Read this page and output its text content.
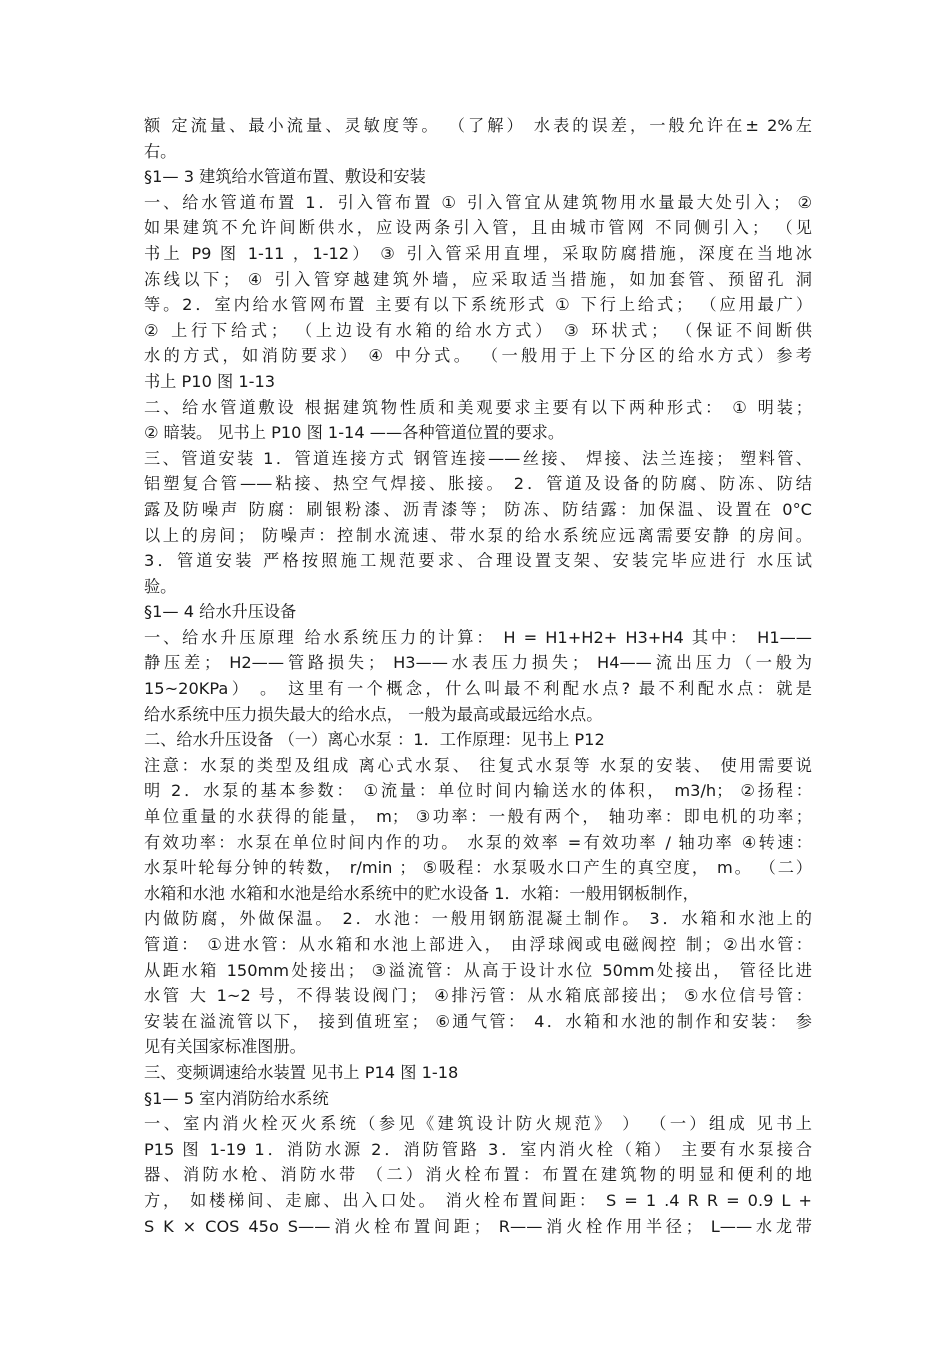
额 定流量、最小流量、灵敏度等。 （了解） 水表的误差，一般允许在± 2%左
右。
§1— 3 建筑给水管道布置、敷设和安装
一、给水管道布置 1．引入管布置 ① 引入管宜从建筑物用水量最大处引入； ②
如果建筑不允许间断供水，应设两条引入管，且由城市管网 不同侧引入； （见
书上 P9 图 1-11 ，1-12） ③ 引入管采用直埋，采取防腐措施，深度在当地冰
冻线以下； ④ 引入管穿越建筑外墙，应采取适当措施，如加套管、预留孔 洞
等。2．室内给水管网布置 主要有以下系统形式 ① 下行上给式； （应用最广）
② 上行下给式； （上边设有水箱的给水方式） ③ 环状式； （保证不间断供
水的方式，如消防要求） ④ 中分式。 （一般用于上下分区的给水方式）参考
书上 P10 图 1-13
二、给水管道敷设 根据建筑物性质和美观要求主要有以下两种形式： ① 明装；
② 暗装。 见书上 P10 图 1-14 ——各种管道位置的要求。
三、管道安装 1．管道连接方式 钢管连接——丝接、 焊接、法兰连接； 塑料管、
铝塑复合管——粘接、热空气焊接、胀接。 2．管道及设备的防腐、防冻、防结
露及防噪声 防腐：刷银粉漆、沥青漆等； 防冻、防结露：加保温、设置在 0°C
以上的房间； 防噪声：控制水流速、带水泵的给水系统应远离需要安静 的房间。
3．管道安装 严格按照施工规范要求、合理设置支架、安装完毕应进行 水压试
验。
§1— 4 给水升压设备
一、给水升压原理 给水系统压力的计算： H = H1+H2+ H3+H4 其中： H1——
静压差； H2——管路损失； H3——水表压力损失； H4——流出压力（一般为
15~20KPa） 。 这里有一个概念，什么叫最不利配水点? 最不利配水点：就是
给水系统中压力损失最大的给水点， 一般为最高或最远给水点。
二、给水升压设备 （一）离心水泵 ：1．工作原理：见书上 P12
注意：水泵的类型及组成 离心式水泵、 往复式水泵等 水泵的安装、 使用需要说
明 2．水泵的基本参数： ①流量：单位时间内输送水的体积， m3/h； ②扬程：
单位重量的水获得的能量， m； ③功率：一般有两个， 轴功率：即电机的功率；
有效功率：水泵在单位时间内作的功。 水泵的效率 =有效功率 / 轴功率 ④转速：
水泵叶轮每分钟的转数， r/min ； ⑤吸程：水泵吸水口产生的真空度， m。 （二）
水箱和水池 水箱和水池是给水系统中的贮水设备 1．水箱：一般用钢板制作，
内做防腐，外做保温。 2．水池：一般用钢筋混凝土制作。 3．水箱和水池上的
管道： ①进水管：从水箱和水池上部进入， 由浮球阀或电磁阀控 制；②出水管：
从距水箱 150mm处接出； ③溢流管：从高于设计水位 50mm处接出， 管径比进
水管 大 1~2 号，不得装设阀门； ④排污管：从水箱底部接出； ⑤水位信号管：
安装在溢流管以下， 接到值班室； ⑥通气管： 4．水箱和水池的制作和安装： 参
见有关国家标准图册。
三、变频调速给水装置 见书上 P14 图 1-18
§1— 5 室内消防给水系统
一、室内消火栓灭火系统（参见《建筑设计防火规范》 ） （一）组成 见书上
P15 图 1-19 1．消防水源 2．消防管路 3．室内消火栓（箱） 主要有水泵接合
器、消防水枪、消防水带 （二）消火栓布置：布置在建筑物的明显和便利的地
方， 如楼梯间、走廊、出入口处。 消火栓布置间距： S = 1 .4 R R = 0.9 L +
S K × COS 45o S——消火栓布置间距； R——消火栓作用半径； L——水龙带
